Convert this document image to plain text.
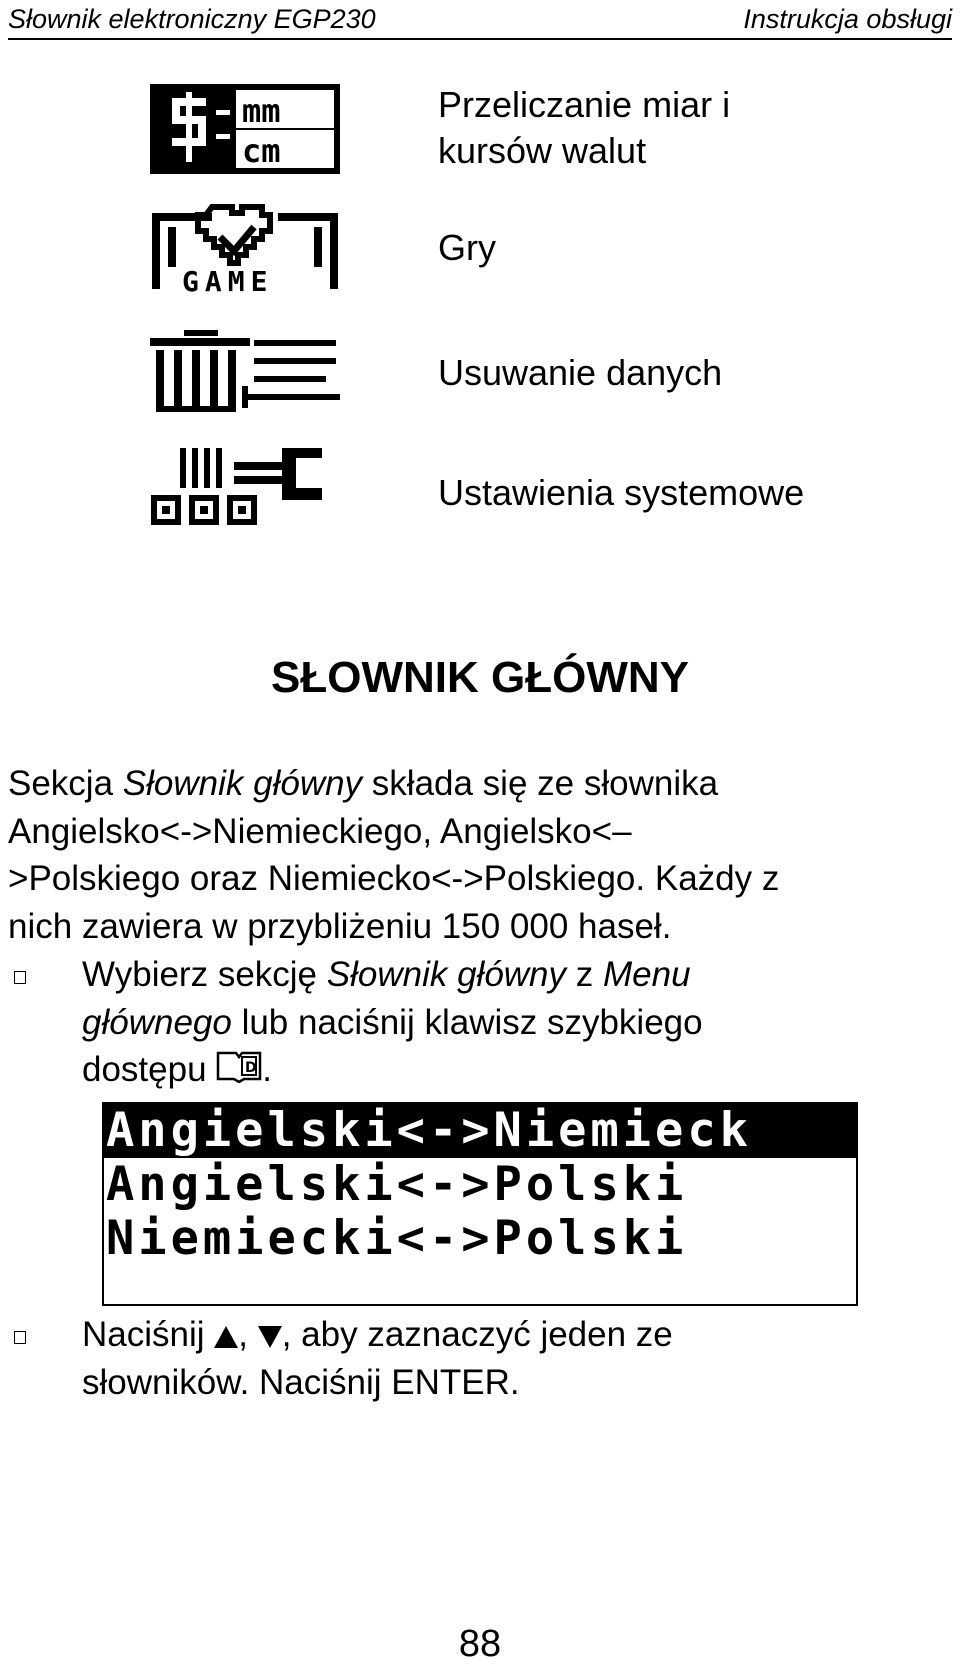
Słownik elektroniczny EGP230	Instrukcja obsługi
mm
cm
Przeliczanie miar i
kursów walut
GAME
Gry
Usuwanie danych
Ustawienia systemowe
SŁOWNIK GŁÓWNY
Sekcja Słownik główny składa się ze słownika
Angielsko<->Niemieckiego, Angielsko<–
>Polskiego oraz Niemiecko<->Polskiego. Każdy z
nich zawiera w przybliżeniu 150 000 haseł.
Wybierz sekcję Słownik główny z Menu
głównego lub naciśnij klawisz szybkiego
dostępu D .
Angielski<->Niemieck
Angielski<->Polski
Niemiecki<->Polski
Naciśnij , , aby zaznaczyć jeden ze
słowników. Naciśnij ENTER.
88
